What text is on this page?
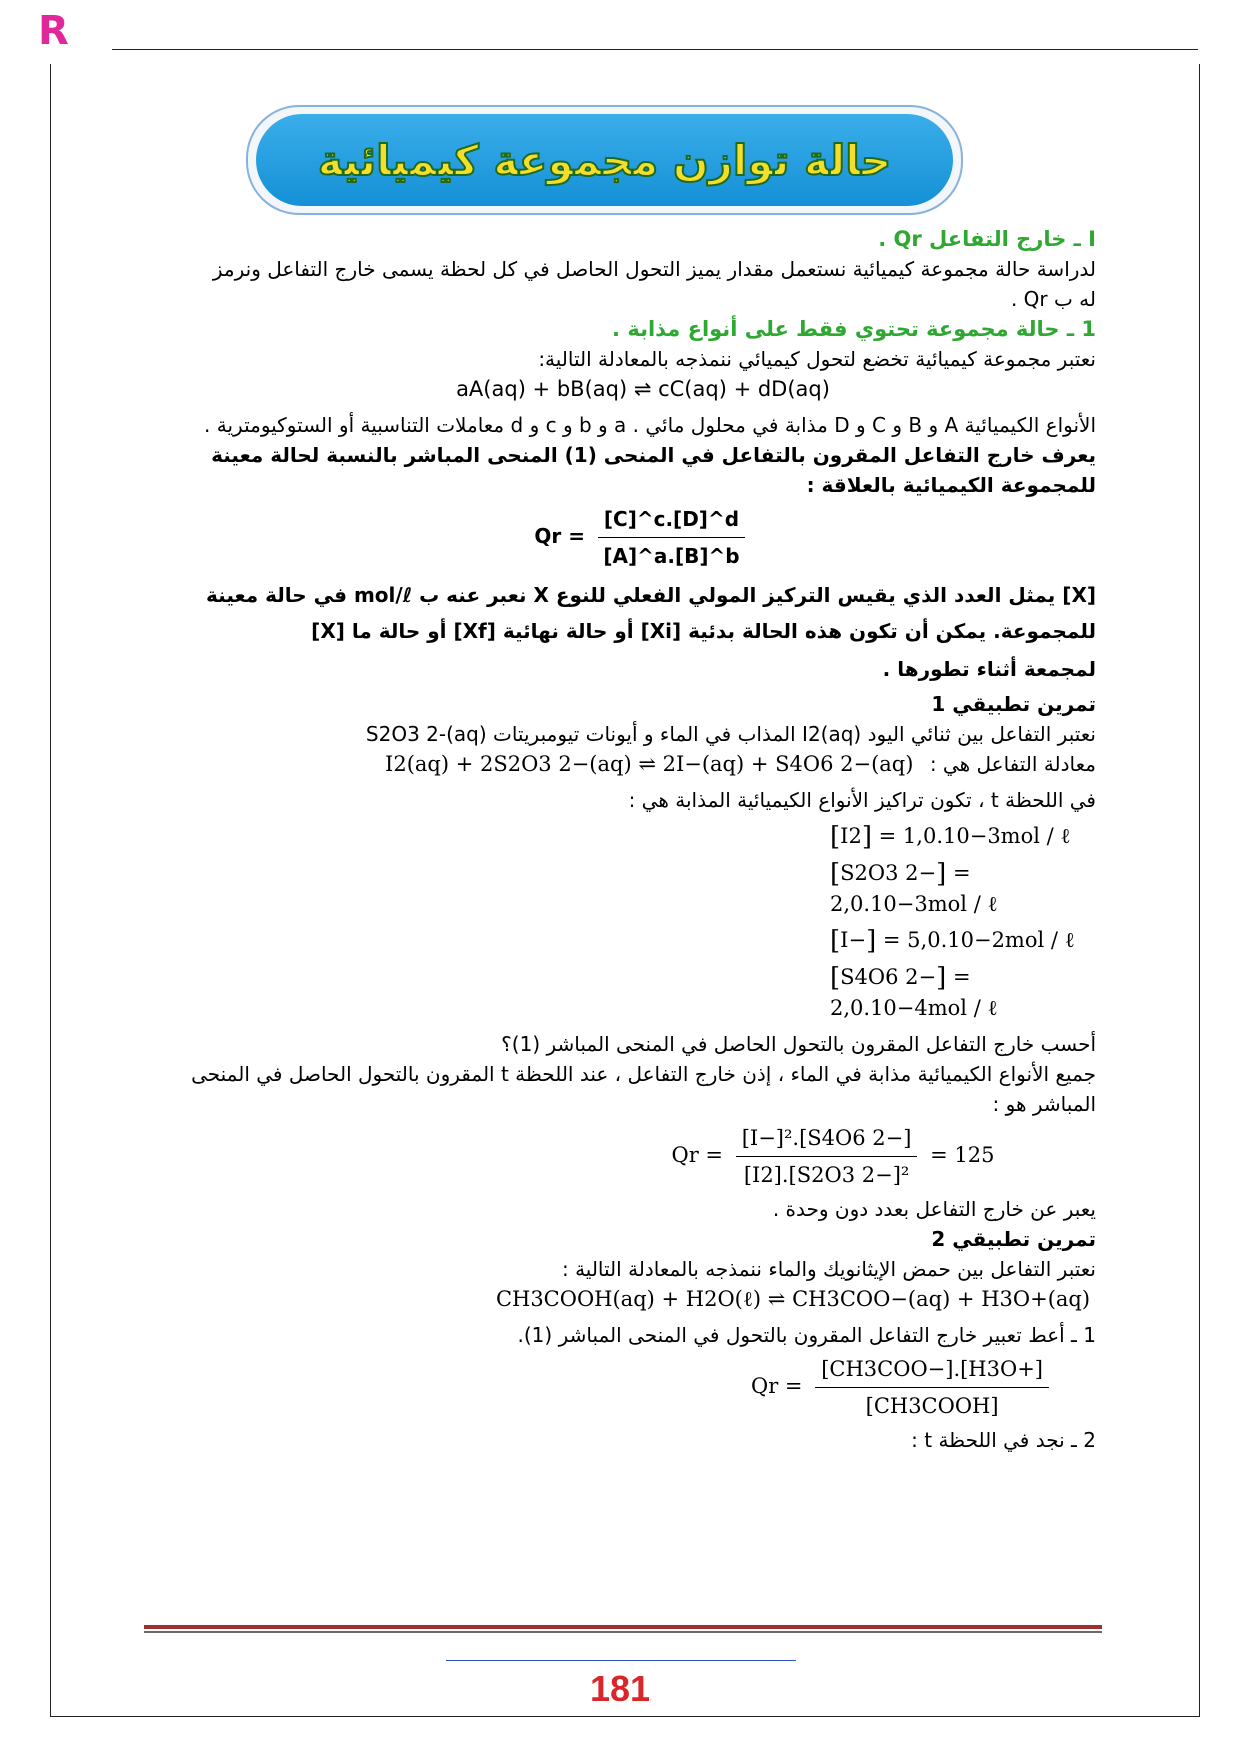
R
حالة توازن مجموعة كيميائية

I ـ خارج التفاعل Qr .

لدراسة حالة مجموعة كيميائية نستعمل مقدار يميز التحول الحاصل في كل لحظة يسمى خارج التفاعل ونرمز له ب Qr .

1 ـ حالة مجموعة تحتوي فقط على أنواع مذابة .

نعتبر مجموعة كيميائية تخضع لتحول كيميائي ننمذجه بالمعادلة التالية:

aA(aq) + bB(aq) ⇌ cC(aq) + dD(aq)

الأنواع الكيميائية A و B و C و D مذابة في محلول مائي . a و b و c و d معاملات التناسبية أو الستوكيومترية .

يعرف خارج التفاعل المقرون بالتفاعل في المنحى (1) المنحى المباشر بالنسبة لحالة معينة للمجموعة الكيميائية بالعلاقة :

$Qr = \frac{[C]\^{}c.[D]\^{}d}{[A]\^{}a.[B]\^{}b}$

[X] يمثل العدد الذي يقيس التركيز المولي الفعلي للنوع X نعبر عنه ب mol/ℓ في حالة معينة للمجموعة. يمكن أن تكون هذه الحالة بدئية [Xi] أو حالة نهائية [Xf] أو حالة ما [X]

لمجمعة أثناء تطورها .

تمرين تطبيقي 1

نعتبر التفاعل بين ثنائي اليود I2(aq) المذاب في الماء و أيونات تيومبريتات S2O3 2-(aq)

معادلة التفاعل هي : I2(aq) + 2S2O3 2−(aq) ⇌ 2I−(aq) + S4O6 2−(aq)

في اللحظة t ، تكون تراكيز الأنواع الكيميائية المذابة هي :

[I2] = 1,0.10−3mol / ℓ
[S2O3 2−] = 2,0.10−3mol / ℓ
[I−] = 5,0.10−2mol / ℓ
[S4O6 2−] = 2,0.10−4mol / ℓ

أحسب خارج التفاعل المقرون بالتحول الحاصل في المنحى المباشر (1)؟

جميع الأنواع الكيميائية مذابة في الماء ، إذن خارج التفاعل ، عند اللحظة t المقرون بالتحول الحاصل في المنحى المباشر هو :

$Qr = \frac{\text{[I−]².[S4O6 2−]}}{\text{[I2].[S2O3 2−]²}} = 125$

يعبر عن خارج التفاعل بعدد دون وحدة .

تمرين تطبيقي 2

نعتبر التفاعل بين حمض الإيثانويك والماء ننمذجه بالمعادلة التالية :

CH3COOH(aq) + H2O(ℓ) ⇌ CH3COO−(aq) + H3O+(aq)

1 ـ أعط تعبير خارج التفاعل المقرون بالتحول في المنحى المباشر (1).

$Qr = \frac{\text{[CH3COO−].[H3O+]}}{\text{[CH3COOH]}}$

2 ـ نجد في اللحظة t :

181
